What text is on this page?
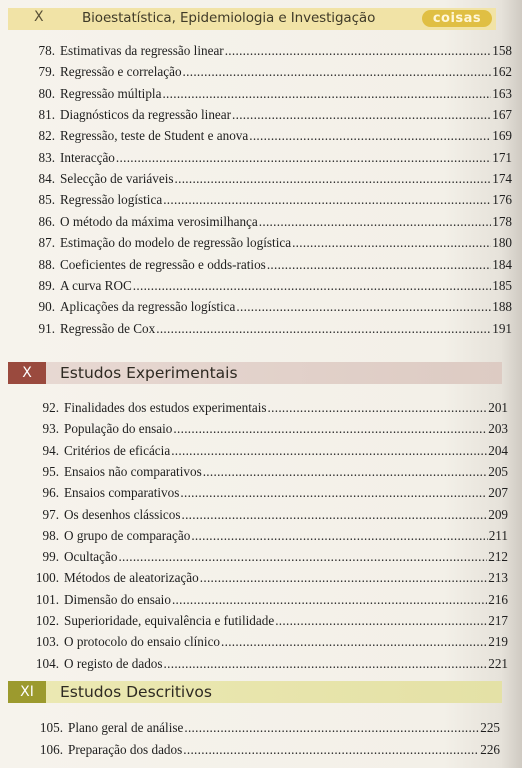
X	Bioestatística, Epidemiologia e Investigação	coisas
78. Estimativas da regressão linear .....	158
79. Regressão e correlação .....	162
80. Regressão múltipla .....	163
81. Diagnósticos da regressão linear .....	167
82. Regressão, teste de Student e anova .....	169
83. Interacção .....	171
84. Selecção de variáveis .....	174
85. Regressão logística .....	176
86. O método da máxima verosimilhança .....	178
87. Estimação do modelo de regressão logística .....	180
88. Coeficientes de regressão e odds-ratios .....	184
89. A curva ROC .....	185
90. Aplicações da regressão logística .....	188
91. Regressão de Cox .....	191
X	Estudos Experimentais
92. Finalidades dos estudos experimentais .....	201
93. População do ensaio .....	203
94. Critérios de eficácia .....	204
95. Ensaios não comparativos .....	205
96. Ensaios comparativos .....	207
97. Os desenhos clássicos .....	209
98. O grupo de comparação .....	211
99. Ocultação .....	212
100. Métodos de aleatorização .....	213
101. Dimensão do ensaio .....	216
102. Superioridade, equivalência e futilidade .....	217
103. O protocolo do ensaio clínico .....	219
104. O registo de dados .....	221
XI	Estudos Descritivos
105. Plano geral de análise .....	225
106. Preparação dos dados .....	226
